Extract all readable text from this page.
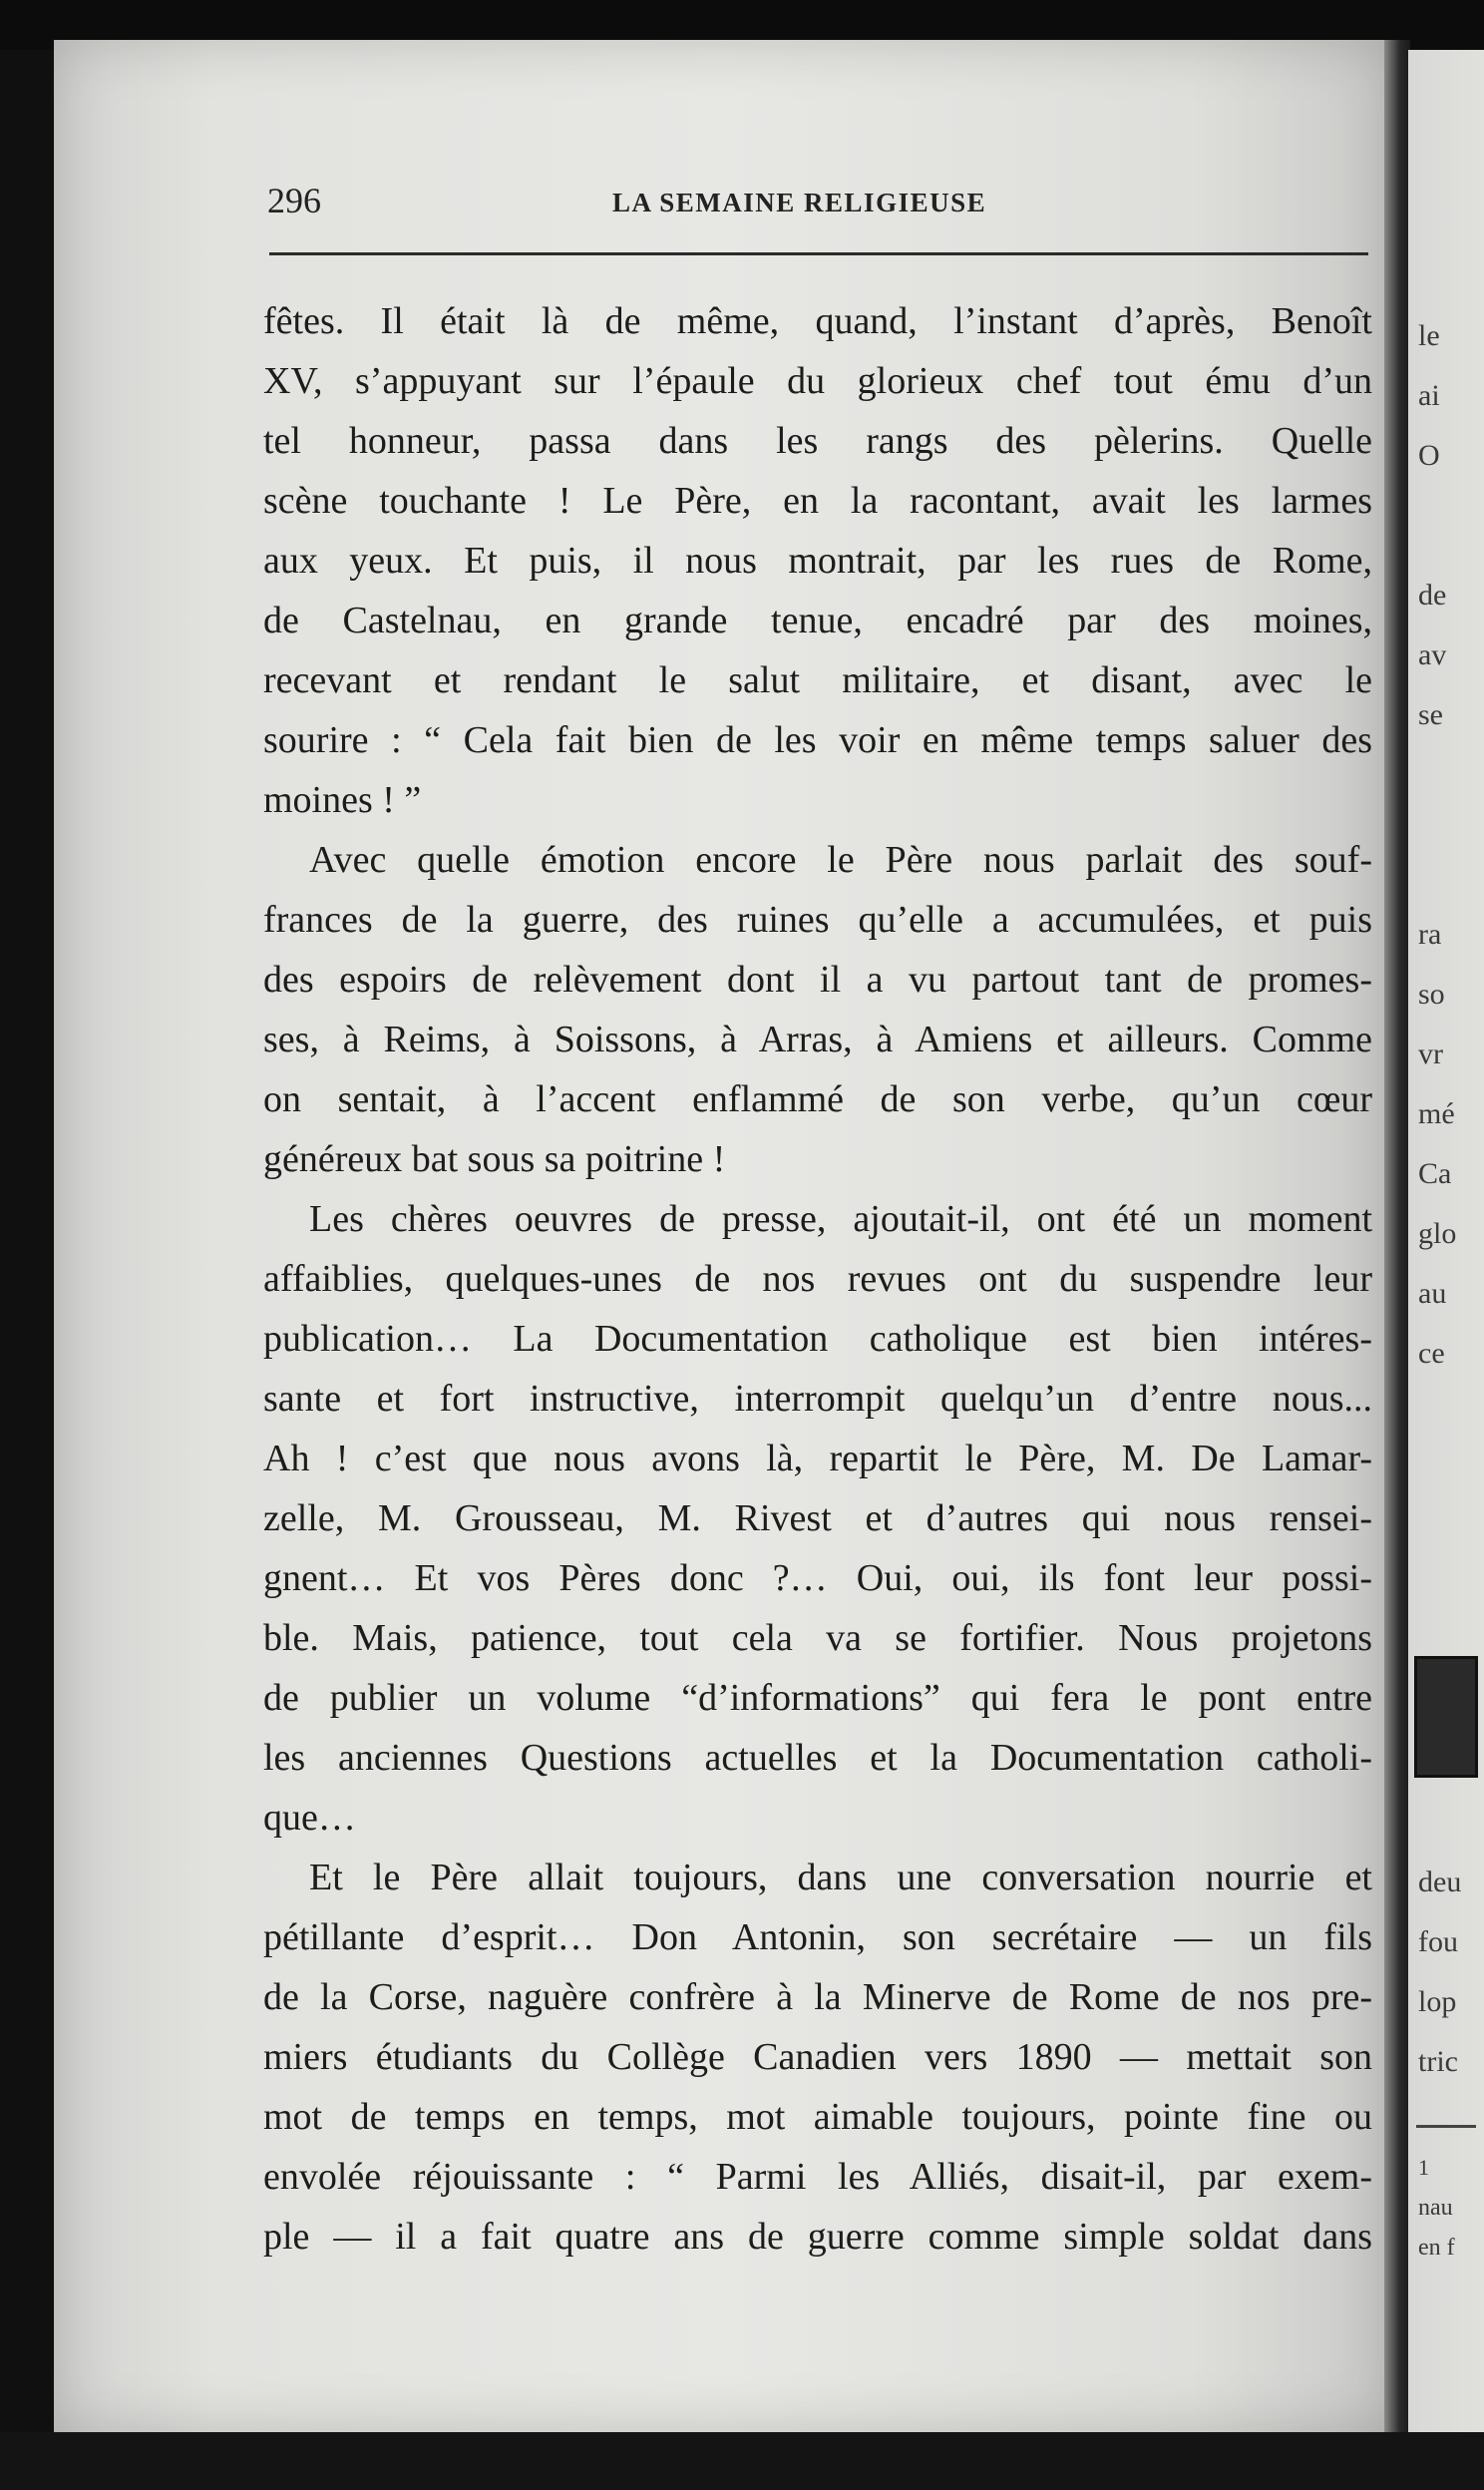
le
ai
O
de
av
se
ra
so
vr
mé
Ca
glo
au
ce
deu
fou
lop
tric
1
nau
en f
296	LA SEMAINE RELIGIEUSE
fêtes. Il était là de même, quand, l’instant d’après, Benoît
XV, s’appuyant sur l’épaule du glorieux chef tout ému d’un
tel honneur, passa dans les rangs des pèlerins. Quelle
scène touchante ! Le Père, en la racontant, avait les larmes
aux yeux. Et puis, il nous montrait, par les rues de Rome,
de Castelnau, en grande tenue, encadré par des moines,
recevant et rendant le salut militaire, et disant, avec le
sourire : “ Cela fait bien de les voir en même temps saluer des
moines ! ”
Avec quelle émotion encore le Père nous parlait des souf-
frances de la guerre, des ruines qu’elle a accumulées, et puis
des espoirs de relèvement dont il a vu partout tant de promes-
ses, à Reims, à Soissons, à Arras, à Amiens et ailleurs. Comme
on sentait, à l’accent enflammé de son verbe, qu’un cœur
généreux bat sous sa poitrine !
Les chères oeuvres de presse, ajoutait-il, ont été un moment
affaiblies, quelques-unes de nos revues ont du suspendre leur
publication… La Documentation catholique est bien intéres-
sante et fort instructive, interrompit quelqu’un d’entre nous...
Ah ! c’est que nous avons là, repartit le Père, M. De Lamar-
zelle, M. Grousseau, M. Rivest et d’autres qui nous rensei-
gnent… Et vos Pères donc ?… Oui, oui, ils font leur possi-
ble. Mais, patience, tout cela va se fortifier. Nous projetons
de publier un volume “d’informations” qui fera le pont entre
les anciennes Questions actuelles et la Documentation catholi-
que…
Et le Père allait toujours, dans une conversation nourrie et
pétillante d’esprit… Don Antonin, son secrétaire — un fils
de la Corse, naguère confrère à la Minerve de Rome de nos pre-
miers étudiants du Collège Canadien vers 1890 — mettait son
mot de temps en temps, mot aimable toujours, pointe fine ou
envolée réjouissante : “ Parmi les Alliés, disait-il, par exem-
ple — il a fait quatre ans de guerre comme simple soldat dans
